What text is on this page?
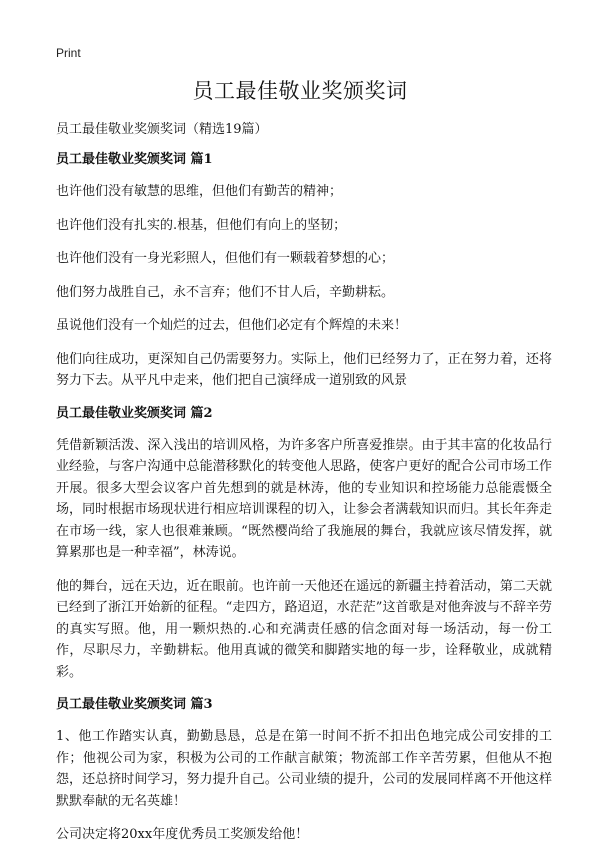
Print
员工最佳敬业奖颁奖词
员工最佳敬业奖颁奖词（精选19篇）
员工最佳敬业奖颁奖词 篇1

也许他们没有敏慧的思维，但他们有勤苦的精神；

也许他们没有扎实的.根基，但他们有向上的坚韧；

也许他们没有一身光彩照人，但他们有一颗载着梦想的心；

他们努力战胜自己，永不言弃；他们不甘人后，辛勤耕耘。

虽说他们没有一个灿烂的过去，但他们必定有个辉煌的未来！

他们向往成功，更深知自己仍需要努力。实际上，他们已经努力了，正在努力着，还将努力下去。从平凡中走来，他们把自己演绎成一道别致的风景

员工最佳敬业奖颁奖词 篇2

凭借新颖活泼、深入浅出的培训风格，为许多客户所喜爱推崇。由于其丰富的化妆品行业经验，与客户沟通中总能潜移默化的转变他人思路，使客户更好的配合公司市场工作开展。很多大型会议客户首先想到的就是林涛，他的专业知识和控场能力总能震慑全场，同时根据市场现状进行相应培训课程的切入，让参会者满载知识而归。其长年奔走在市场一线，家人也很难兼顾。“既然樱尚给了我施展的舞台，我就应该尽情发挥，就算累那也是一种幸福”，林涛说。

他的舞台，远在天边，近在眼前。也许前一天他还在遥远的新疆主持着活动，第二天就已经到了浙江开始新的征程。“走四方，路迢迢，水茫茫”这首歌是对他奔波与不辞辛劳的真实写照。他，用一颗炽热的.心和充满责任感的信念面对每一场活动，每一份工作，尽职尽力，辛勤耕耘。他用真诚的微笑和脚踏实地的每一步，诠释敬业，成就精彩。

员工最佳敬业奖颁奖词 篇3

1、他工作踏实认真，勤勤恳恳，总是在第一时间不折不扣出色地完成公司安排的工作；他视公司为家，积极为公司的工作献言献策；物流部工作辛苦劳累，但他从不抱怨，还总挤时间学习，努力提升自己。公司业绩的提升，公司的发展同样离不开他这样默默奉献的无名英雄！

公司决定将20xx年度优秀员工奖颁发给他！
